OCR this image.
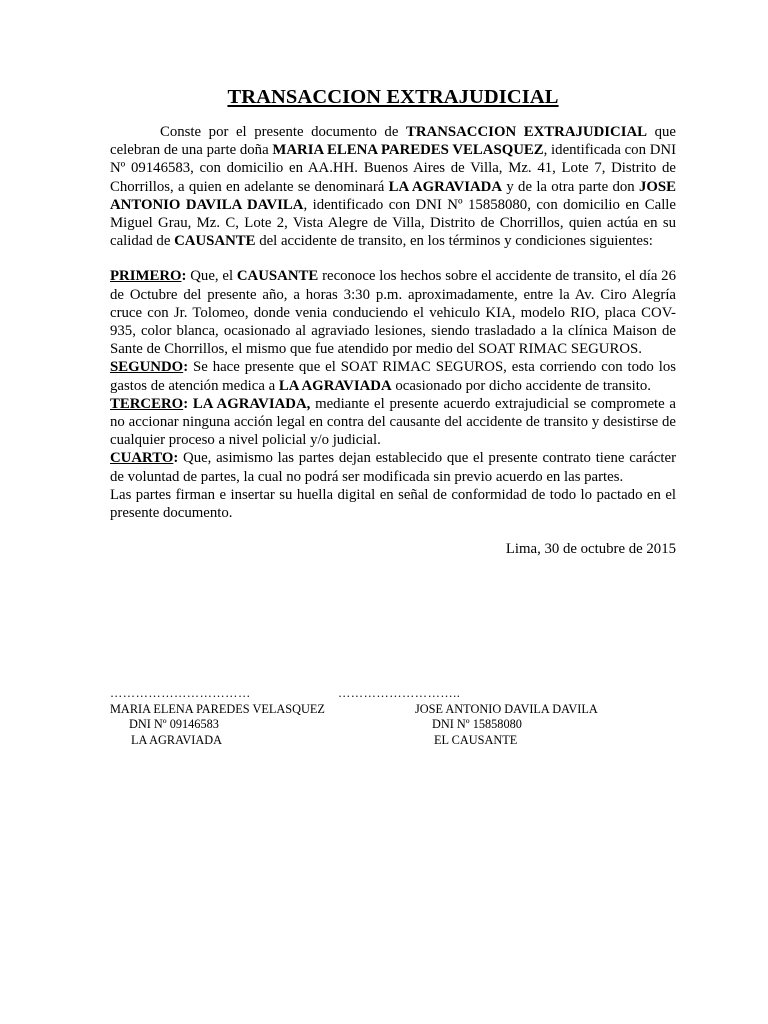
TRANSACCION EXTRAJUDICIAL

Conste por el presente documento de TRANSACCION EXTRAJUDICIAL que celebran de una parte doña MARIA ELENA PAREDES VELASQUEZ, identificada con DNI Nº 09146583, con domicilio en AA.HH. Buenos Aires de Villa, Mz. 41, Lote 7, Distrito de Chorrillos, a quien en adelante se denominará LA AGRAVIADA y de la otra parte don JOSE ANTONIO DAVILA DAVILA, identificado con DNI Nº 15858080, con domicilio en Calle Miguel Grau, Mz. C, Lote 2, Vista Alegre de Villa, Distrito de Chorrillos, quien actúa en su calidad de CAUSANTE del accidente de transito, en los términos y condiciones siguientes:

PRIMERO: Que, el CAUSANTE reconoce los hechos sobre el accidente de transito, el día 26 de Octubre del presente año, a horas 3:30 p.m. aproximadamente, entre la Av. Ciro Alegría cruce con Jr. Tolomeo, donde venia conduciendo el vehiculo KIA, modelo RIO, placa COV-935, color blanca, ocasionado al agraviado lesiones, siendo trasladado a la clínica Maison de Sante de Chorrillos, el mismo que fue atendido por medio del SOAT RIMAC SEGUROS.

SEGUNDO: Se hace presente que el SOAT RIMAC SEGUROS, esta corriendo con todo los gastos de atención medica a LA AGRAVIADA ocasionado por dicho accidente de transito.

TERCERO: LA AGRAVIADA, mediante el presente acuerdo extrajudicial se compromete a no accionar ninguna acción legal en contra del causante del accidente de transito y desistirse de cualquier proceso a nivel policial y/o judicial.

CUARTO: Que, asimismo las partes dejan establecido que el presente contrato tiene carácter de voluntad de partes, la cual no podrá ser modificada sin previo acuerdo en las partes.

Las partes firman e insertar su huella digital en señal de conformidad de todo lo pactado en el presente documento.

Lima, 30 de octubre de 2015

……………………………
MARIA ELENA PAREDES VELASQUEZ
DNI Nº 09146583
LA AGRAVIADA
………………………..
JOSE ANTONIO DAVILA DAVILA
DNI Nº 15858080
EL CAUSANTE
